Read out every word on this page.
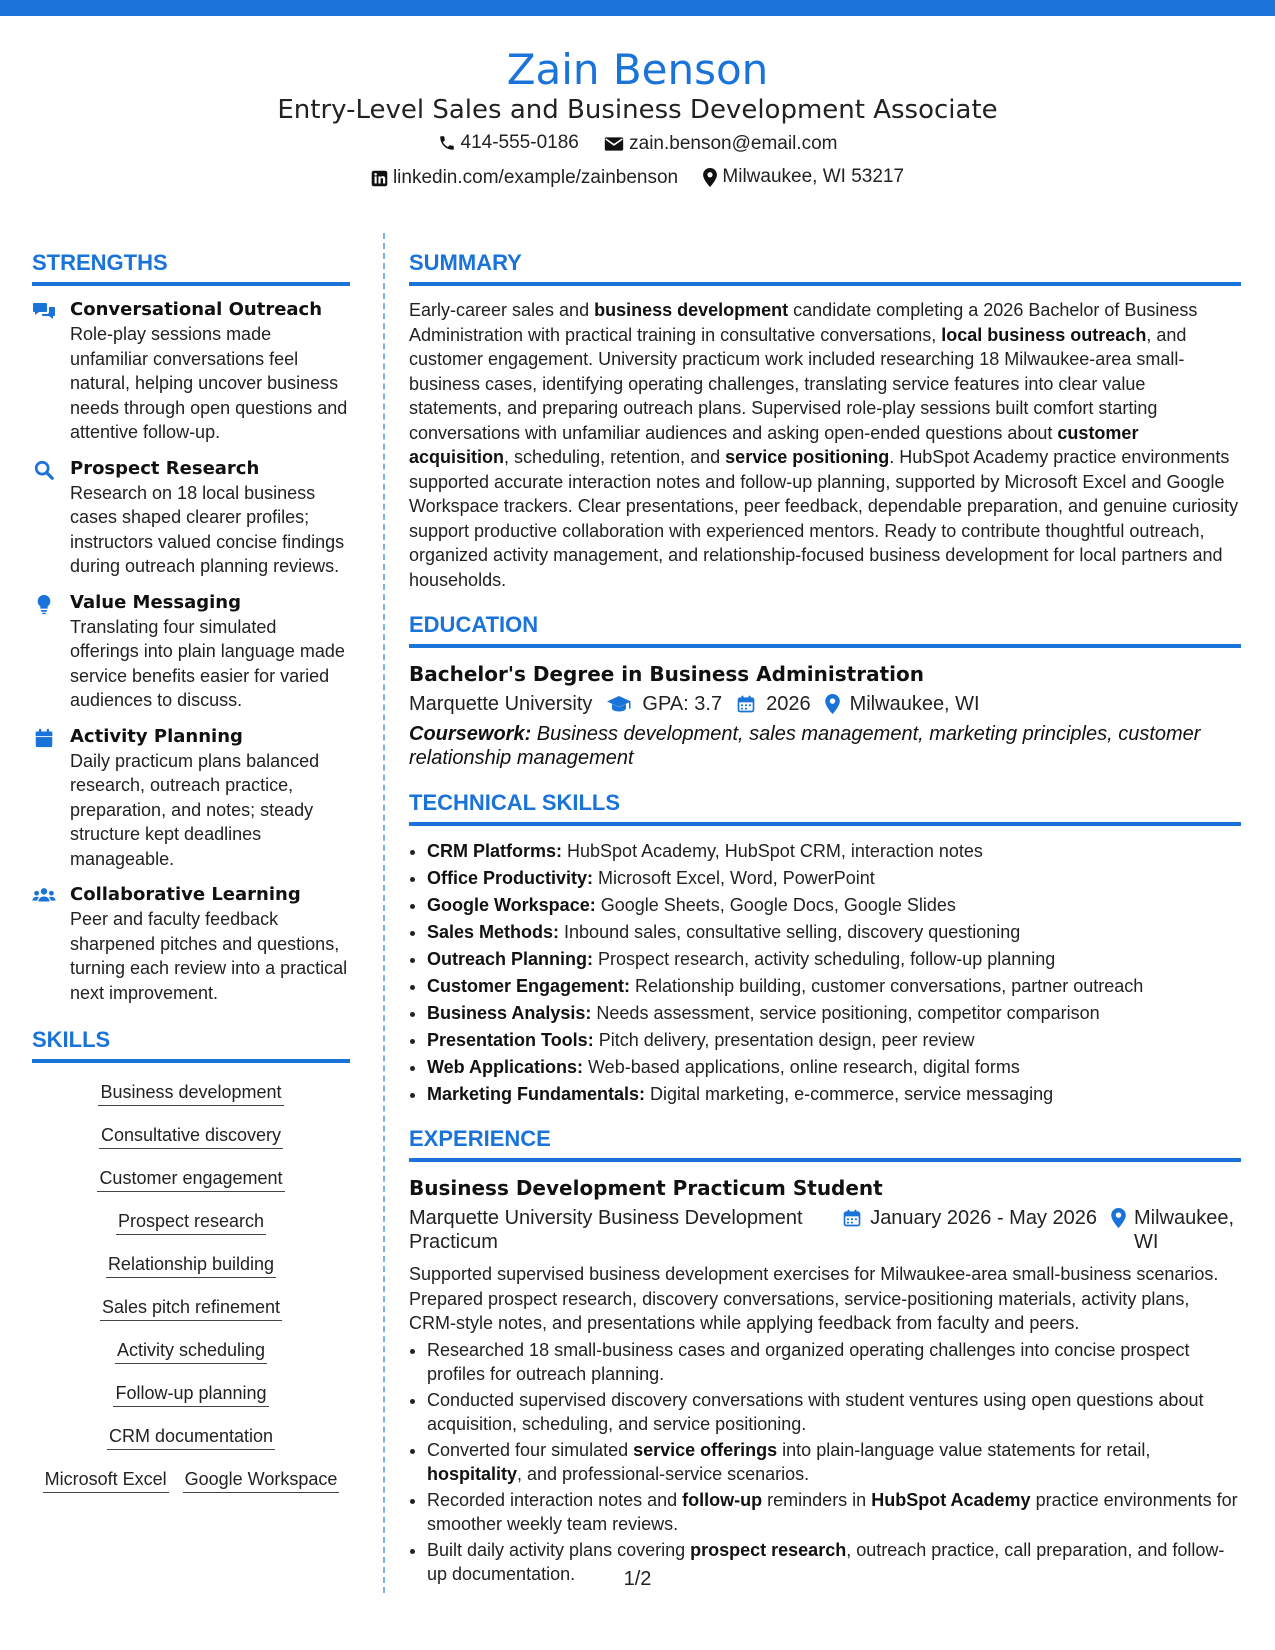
Zain Benson
Entry-Level Sales and Business Development Associate
414-555-0186
	zain.benson@email.com
linkedin.com/example/zainbenson
Milwaukee, WI 53217
STRENGTHS
Conversational Outreach
Role-play sessions made unfamiliar conversations feel natural, helping uncover business needs through open questions and attentive follow-up.
Prospect Research
Research on 18 local business cases shaped clearer profiles; instructors valued concise findings during outreach planning reviews.
Value Messaging
Translating four simulated offerings into plain language made service benefits easier for varied audiences to discuss.
Activity Planning
Daily practicum plans balanced research, outreach practice, preparation, and notes; steady structure kept deadlines manageable.
Collaborative Learning
Peer and faculty feedback sharpened pitches and questions, turning each review into a practical next improvement.
SKILLS
Business development
Consultative discovery
Customer engagement
Prospect research
Relationship building
Sales pitch refinement
Activity scheduling
Follow-up planning
CRM documentation
Microsoft Excel Google Workspace
SUMMARY

Early-career sales and business development candidate completing a 2026 Bachelor of Business Administration with practical training in consultative conversations, local business outreach, and customer engagement. University practicum work included researching 18 Milwaukee-area small-business cases, identifying operating challenges, translating service features into clear value statements, and preparing outreach plans. Supervised role-play sessions built comfort starting conversations with unfamiliar audiences and asking open-ended questions about customer acquisition, scheduling, retention, and service positioning. HubSpot Academy practice environments supported accurate interaction notes and follow-up planning, supported by Microsoft Excel and Google Workspace trackers. Clear presentations, peer feedback, dependable preparation, and genuine curiosity support productive collaboration with experienced mentors. Ready to contribute thoughtful outreach, organized activity management, and relationship-focused business development for local partners and households.

EDUCATION
Bachelor's Degree in Business Administration
Marquette University	GPA: 3.7 2026 Milwaukee, WI
Coursework: Business development, sales management, marketing principles, customer relationship management
TECHNICAL SKILLS
• CRM Platforms: HubSpot Academy, HubSpot CRM, interaction notes
• Office Productivity: Microsoft Excel, Word, PowerPoint
• Google Workspace: Google Sheets, Google Docs, Google Slides
• Sales Methods: Inbound sales, consultative selling, discovery questioning
• Outreach Planning: Prospect research, activity scheduling, follow-up planning
• Customer Engagement: Relationship building, customer conversations, partner outreach
• Business Analysis: Needs assessment, service positioning, competitor comparison
• Presentation Tools: Pitch delivery, presentation design, peer review
• Web Applications: Web-based applications, online research, digital forms
• Marketing Fundamentals: Digital marketing, e-commerce, service messaging
EXPERIENCE
Business Development Practicum Student
Marquette University Business Development Practicum
January 2026 - May 2026 Milwaukee, WI
Supported supervised business development exercises for Milwaukee-area small-business scenarios. Prepared prospect research, discovery conversations, service-positioning materials, activity plans, CRM-style notes, and presentations while applying feedback from faculty and peers.
• Researched 18 small-business cases and organized operating challenges into concise prospect profiles for outreach planning.
• Conducted supervised discovery conversations with student ventures using open questions about acquisition, scheduling, and service positioning.
• Converted four simulated service offerings into plain-language value statements for retail, hospitality, and professional-service scenarios.
• Recorded interaction notes and follow-up reminders in HubSpot Academy practice environments for smoother weekly team reviews.
• Built daily activity plans covering prospect research, outreach practice, call preparation, and follow-up documentation.	1/2
